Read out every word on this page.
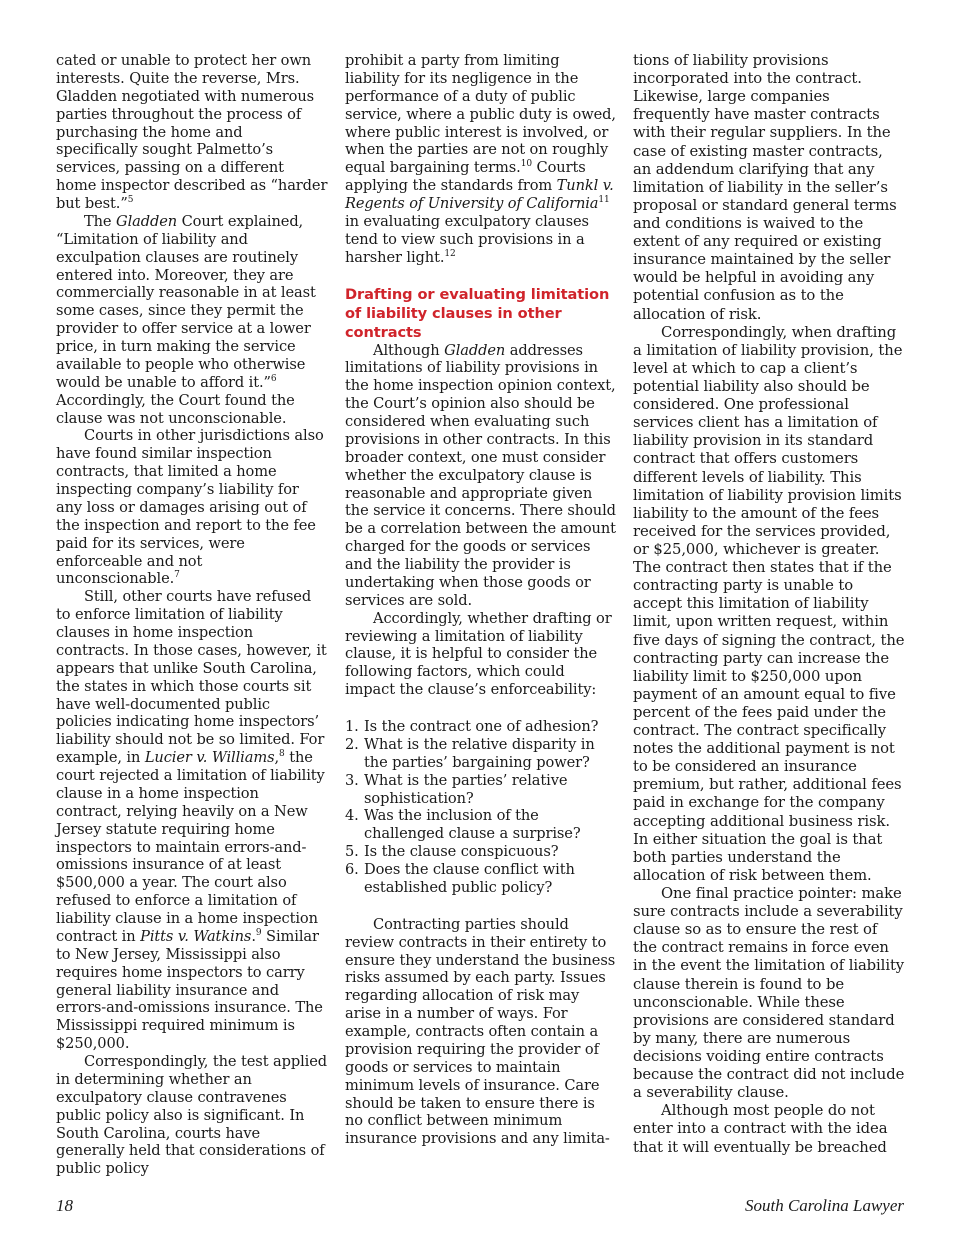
cated or unable to protect her own interests. Quite the reverse, Mrs. Gladden negotiated with numerous parties throughout the process of purchasing the home and specifically sought Palmetto’s services, passing on a different home inspector described as “harder but best.”$^5$

The Gladden Court explained, “Limitation of liability and exculpation clauses are routinely entered into. Moreover, they are commercially reasonable in at least some cases, since they permit the provider to offer service at a lower price, in turn making the service available to people who otherwise would be unable to afford it.”$^6$ Accordingly, the Court found the clause was not unconscionable.

Courts in other jurisdictions also have found similar inspection contracts, that limited a home inspecting company’s liability for any loss or damages arising out of the inspection and report to the fee paid for its services, were enforceable and not unconscionable.$^7$

Still, other courts have refused to enforce limitation of liability clauses in home inspection contracts. In those cases, however, it appears that unlike South Carolina, the states in which those courts sit have well-documented public policies indicating home inspectors’ liability should not be so limited. For example, in Lucier v. Williams,$^8$ the court rejected a limitation of liability clause in a home inspection contract, relying heavily on a New Jersey statute requiring home inspectors to maintain errors-and-omissions insurance of at least $500,000 a year. The court also refused to enforce a limitation of liability clause in a home inspection contract in Pitts v. Watkins.$^9$ Similar to New Jersey, Mississippi also requires home inspectors to carry general liability insurance and errors-and-omissions insurance. The Mississippi required minimum is $250,000.

Correspondingly, the test applied in determining whether an exculpatory clause contravenes public policy also is significant. In South Carolina, courts have generally held that considerations of public policy

prohibit a party from limiting liability for its negligence in the performance of a duty of public service, where a public duty is owed, where public interest is involved, or when the parties are not on roughly equal bargaining terms.$^{10}$ Courts applying the standards from Tunkl v. Regents of University of California$^{11}$ in evaluating exculpatory clauses tend to view such provisions in a harsher light.$^{12}$

Drafting or evaluating limitation of liability clauses in other contracts

Although Gladden addresses limitations of liability provisions in the home inspection opinion context, the Court’s opinion also should be considered when evaluating such provisions in other contracts. In this broader context, one must consider whether the exculpatory clause is reasonable and appropriate given the service it concerns. There should be a correlation between the amount charged for the goods or services and the liability the provider is undertaking when those goods or services are sold.

Accordingly, whether drafting or reviewing a limitation of liability clause, it is helpful to consider the following factors, which could impact the clause’s enforceability:

1. Is the contract one of adhesion?
2. What is the relative disparity in the parties’ bargaining power?
3. What is the parties’ relative sophistication?
4. Was the inclusion of the challenged clause a surprise?
5. Is the clause conspicuous?
6. Does the clause conflict with established public policy?

Contracting parties should review contracts in their entirety to ensure they understand the business risks assumed by each party. Issues regarding allocation of risk may arise in a number of ways. For example, contracts often contain a provision requiring the provider of goods or services to maintain minimum levels of insurance. Care should be taken to ensure there is no conflict between minimum insurance provisions and any limita-

tions of liability provisions incorporated into the contract. Likewise, large companies frequently have master contracts with their regular suppliers. In the case of existing master contracts, an addendum clarifying that any limitation of liability in the seller’s proposal or standard general terms and conditions is waived to the extent of any required or existing insurance maintained by the seller would be helpful in avoiding any potential confusion as to the allocation of risk.

Correspondingly, when drafting a limitation of liability provision, the level at which to cap a client’s potential liability also should be considered. One professional services client has a limitation of liability provision in its standard contract that offers customers different levels of liability. This limitation of liability provision limits liability to the amount of the fees received for the services provided, or $25,000, whichever is greater. The contract then states that if the contracting party is unable to accept this limitation of liability limit, upon written request, within five days of signing the contract, the contracting party can increase the liability limit to $250,000 upon payment of an amount equal to five percent of the fees paid under the contract. The contract specifically notes the additional payment is not to be considered an insurance premium, but rather, additional fees paid in exchange for the company accepting additional business risk. In either situation the goal is that both parties understand the allocation of risk between them.

One final practice pointer: make sure contracts include a severability clause so as to ensure the rest of the contract remains in force even in the event the limitation of liability clause therein is found to be unconscionable. While these provisions are considered standard by many, there are numerous decisions voiding entire contracts because the contract did not include a severability clause.

Although most people do not enter into a contract with the idea that it will eventually be breached

18	South Carolina Lawyer
